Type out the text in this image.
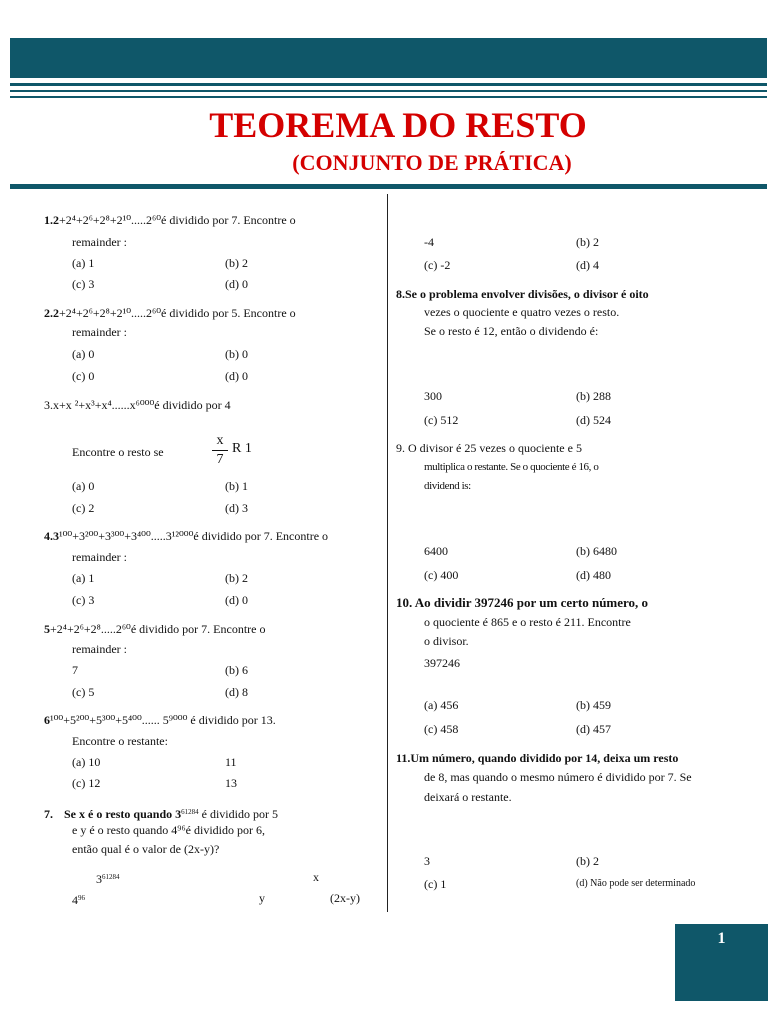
TEOREMA DO RESTO
(CONJUNTO DE PRÁTICA)
1.2+2⁴+2⁶+2⁸+2¹⁰.....2⁶⁰é dividido por 7. Encontre o
remainder :
(a) 1	(b) 2
(c) 3	(d) 0
2.2+2⁴+2⁶+2⁸+2¹⁰.....2⁶⁰é dividido por 5. Encontre o
remainder :
(a) 0	(b) 0
(c) 0	(d) 0
3.x+x ²+x³+x⁴......x⁶⁰⁰⁰é dividido por 4
Encontre o resto se
x
7
R 1
(a) 0	(b) 1
(c) 2	(d) 3
4.3¹⁰⁰+3²⁰⁰+3³⁰⁰+3⁴⁰⁰.....3¹²⁰⁰⁰é dividido por 7. Encontre o
remainder :
(a) 1	(b) 2
(c) 3	(d) 0
5+2⁴+2⁶+2⁸.....2⁶⁰é dividido por 7. Encontre o
remainder :
7	(b) 6
(c) 5	(d) 8
6¹⁰⁰+5²⁰⁰+5³⁰⁰+5⁴⁰⁰...... 5⁹⁰⁰⁰ é dividido por 13.
Encontre o restante:
(a) 10	11
(c) 12	13
7. Se x é o resto quando $3^{61284}$ é dividido por 5
e y é o resto quando 4⁹⁶é dividido por 6,
então qual é o valor de (2x-y)?
$3^{61284}$	x
$4^{96}$	y	(2x-y)
-4	(b) 2
(c) -2	(d) 4
8.Se o problema envolver divisões, o divisor é oito
vezes o quociente e quatro vezes o resto.
Se o resto é 12, então o dividendo é:
300	(b) 288
(c) 512	(d) 524
9. O divisor é 25 vezes o quociente e 5
multiplica o restante. Se o quociente é 16, o
dividend is:
6400	(b) 6480
(c) 400	(d) 480
10. Ao dividir 397246 por um certo número, o
o quociente é 865 e o resto é 211. Encontre
o divisor.
397246
(a) 456	(b) 459
(c) 458	(d) 457
11.Um número, quando dividido por 14, deixa um resto
de 8, mas quando o mesmo número é dividido por 7. Se
deixará o restante.
3	(b) 2
(c) 1	(d) Não pode ser determinado
1
